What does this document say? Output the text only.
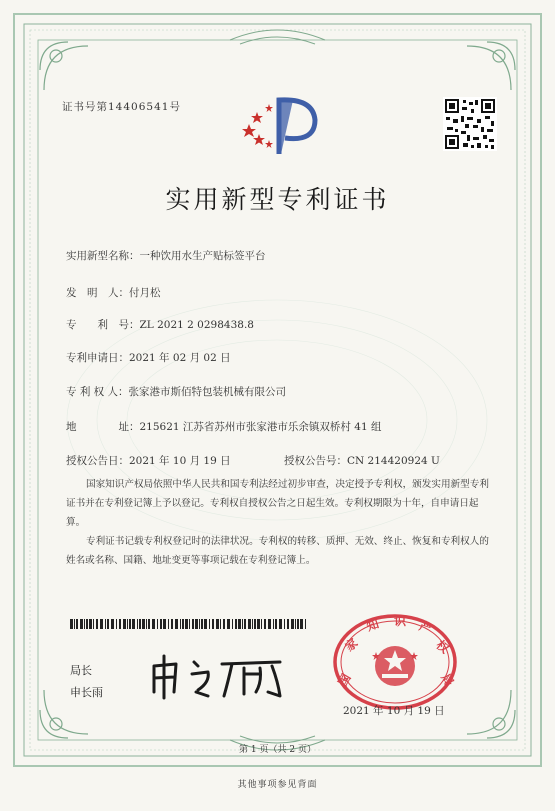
证书号第14406541号
实用新型专利证书
实用新型名称：一种饮用水生产贴标签平台
发　明　人：付月松
专　　利　号：ZL 2021 2 0298438.8
专利申请日：2021 年 02 月 02 日
专 利 权 人：张家港市斯佰特包装机械有限公司
地　　　　址：215621 江苏省苏州市张家港市乐余镇双桥村 41 组
授权公告日：2021 年 10 月 19 日	授权公告号：CN 214420924 U
国家知识产权局依照中华人民共和国专利法经过初步审查，决定授予专利权，颁发实用新型专利证书并在专利登记簿上予以登记。专利权自授权公告之日起生效。专利权期限为十年，自申请日起算。
专利证书记载专利权登记时的法律状况。专利权的转移、质押、无效、终止、恢复和专利权人的姓名或名称、国籍、地址变更等事项记载在专利登记簿上。
局长
申长雨
国
家
知 识 产
权
局
2021 年 10 月 19 日
第 1 页（共 2 页）
其他事项参见背面
